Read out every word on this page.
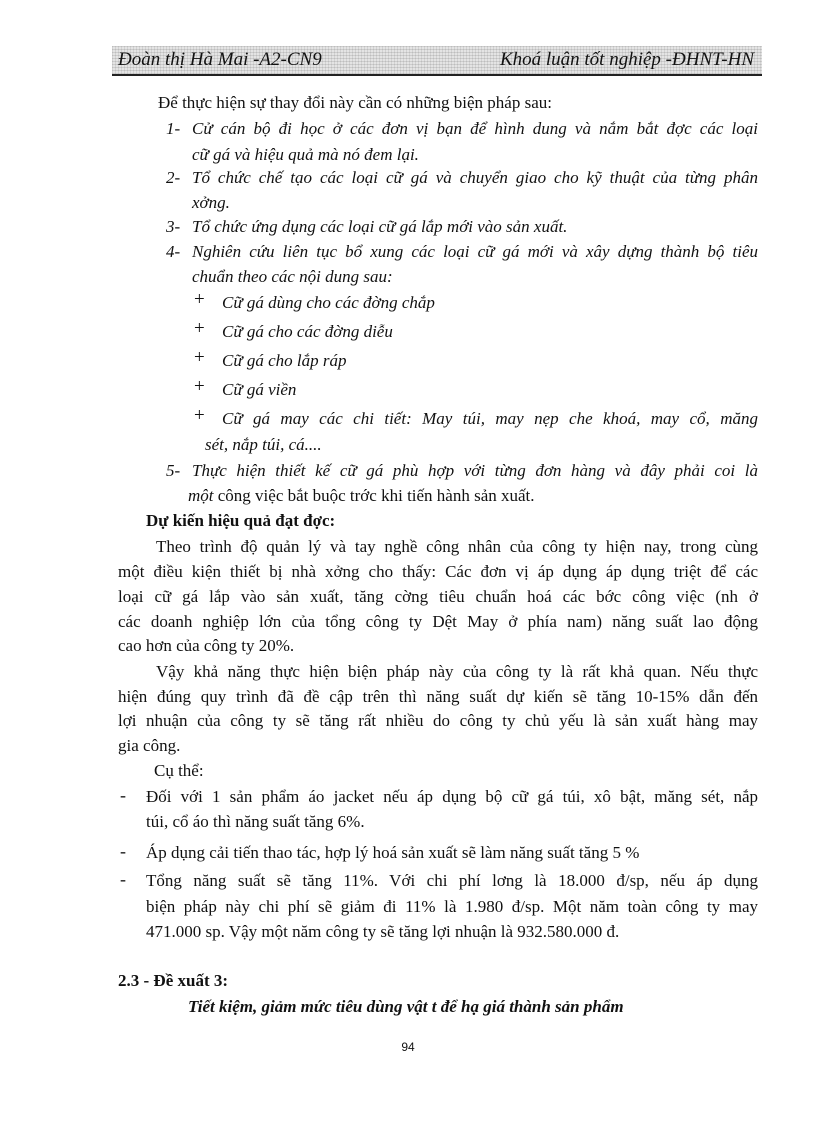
Đoàn thị Hà Mai -A2-CN9	Khoá luận tốt nghiệp -ĐHNT-HN
Để thực hiện sự thay đổi này cần có những biện pháp sau:
1- Cử cán bộ đi học ở các đơn vị bạn để hình dung và nắm bắt đợc các loại
cữ gá và hiệu quả mà nó đem lại.
2- Tổ chức chế tạo các loại cữ gá và chuyển giao cho kỹ thuật của từng phân
xởng.
3- Tổ chức ứng dụng các loại cữ gá lắp mới vào sản xuất.
4- Nghiên cứu liên tục bổ xung các loại cữ gá mới và xây dựng thành bộ tiêu
chuẩn theo các nội dung sau:
+ Cữ gá dùng cho các đờng chắp
+ Cữ gá cho các đờng diễu
+ Cữ gá cho lắp ráp
+ Cữ gá viền
+ Cữ gá may các chi tiết: May túi, may nẹp che khoá, may cổ, măng
sét, nắp túi, cá....
5- Thực hiện thiết kế cữ gá phù hợp với từng đơn hàng và đây phải coi là
một công việc bắt buộc trớc khi tiến hành sản xuất.
Dự kiến hiệu quả đạt đợc:
Theo trình độ quản lý và tay nghề công nhân của công ty hiện nay, trong cùng
một điều kiện thiết bị nhà xởng cho thấy: Các đơn vị áp dụng áp dụng triệt để các
loại cữ gá lắp vào sản xuất, tăng cờng tiêu chuẩn hoá các bớc công việc (nh ở
các doanh nghiệp lớn của tổng công ty Dệt May ở phía nam) năng suất lao động
cao hơn của công ty 20%.
Vậy khả năng thực hiện biện pháp này của công ty là rất khả quan. Nếu thực
hiện đúng quy trình đã đề cập trên thì năng suất dự kiến sẽ tăng 10-15% dẫn đến
lợi nhuận của công ty sẽ tăng rất nhiều do công ty chủ yếu là sản xuất hàng may
gia công.
Cụ thể:
- Đối với 1 sản phẩm áo jacket nếu áp dụng bộ cữ gá túi, xô bật, măng sét, nắp
túi, cổ áo thì năng suất tăng 6%.
- Áp dụng cải tiến thao tác, hợp lý hoá sản xuất sẽ làm năng suất tăng 5 %
- Tổng năng suất sẽ tăng 11%. Với chi phí lơng là 18.000 đ/sp, nếu áp dụng
biện pháp này chi phí sẽ giảm đi 11% là 1.980 đ/sp. Một năm toàn công ty may
471.000 sp. Vậy một năm công ty sẽ tăng lợi nhuận là 932.580.000 đ.
2.3 - Đề xuất 3:
Tiết kiệm, giảm mức tiêu dùng vật t để hạ giá thành sản phẩm
94
